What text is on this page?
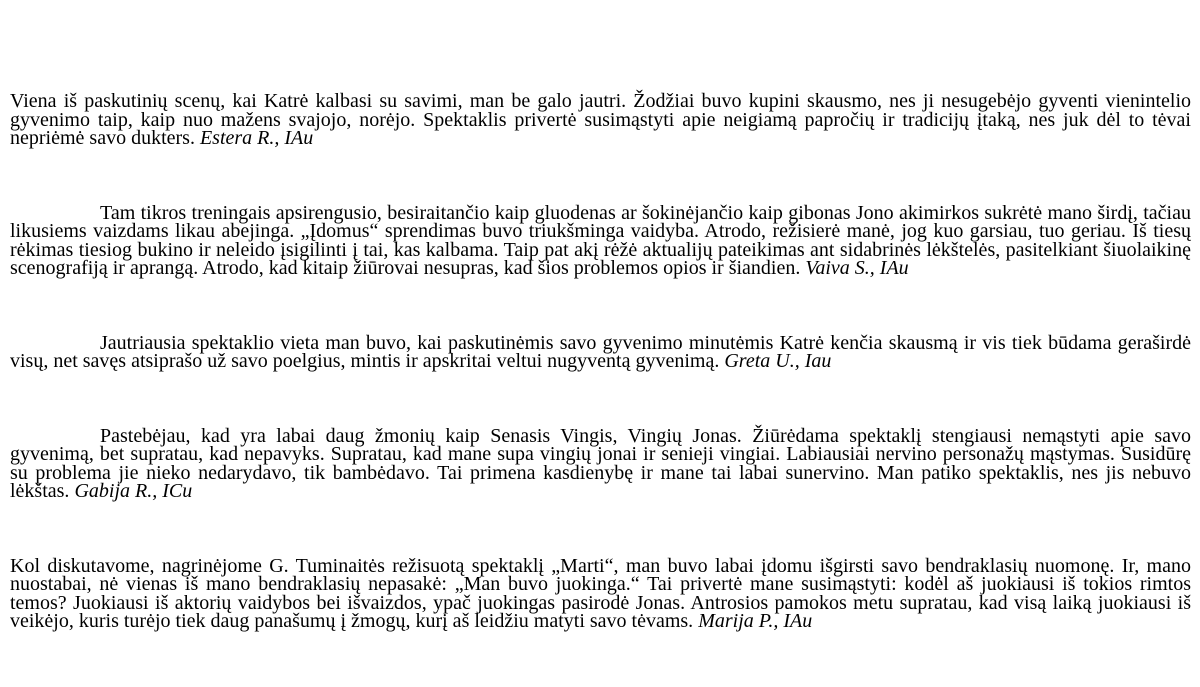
Viena iš paskutinių scenų, kai Katrė kalbasi su savimi, man be galo jautri. Žodžiai buvo kupini skausmo, nes ji nesugebėjo gyventi vienintelio gyvenimo taip, kaip nuo mažens svajojo, norėjo. Spektaklis privertė susimąstyti apie neigiamą papročių ir tradicijų įtaką, nes juk dėl to tėvai nepriėmė savo dukters. Estera R., IAu

Tam tikros treningais apsirengusio, besiraitančio kaip gluodenas ar šokinėjančio kaip gibonas Jono akimirkos sukrėtė mano širdį, tačiau likusiems vaizdams likau abejinga. „Įdomus“ sprendimas buvo triukšminga vaidyba. Atrodo, režisierė manė, jog kuo garsiau, tuo geriau. Iš tiesų rėkimas tiesiog bukino ir neleido įsigilinti į tai, kas kalbama. Taip pat akį rėžė aktualijų pateikimas ant sidabrinės lėkštelės, pasitelkiant šiuolaikinę scenografiją ir aprangą. Atrodo, kad kitaip žiūrovai nesupras, kad šios problemos opios ir šiandien. Vaiva S., IAu

Jautriausia spektaklio vieta man buvo, kai paskutinėmis savo gyvenimo minutėmis Katrė kenčia skausmą ir vis tiek būdama geraširdė visų, net savęs atsiprašo už savo poelgius, mintis ir apskritai veltui nugyventą gyvenimą. Greta U., Iau

Pastebėjau, kad yra labai daug žmonių kaip Senasis Vingis, Vingių Jonas. Žiūrėdama spektaklį stengiausi nemąstyti apie savo gyvenimą, bet supratau, kad nepavyks. Supratau, kad mane supa vingių jonai ir senieji vingiai. Labiausiai nervino personažų mąstymas. Susidūrę su problema jie nieko nedarydavo, tik bambėdavo. Tai primena kasdienybę ir mane tai labai sunervino. Man patiko spektaklis, nes jis nebuvo lėkštas. Gabija R., ICu

Kol diskutavome, nagrinėjome G. Tuminaitės režisuotą spektaklį „Marti“, man buvo labai įdomu išgirsti savo bendraklasių nuomonę. Ir, mano nuostabai, nė vienas iš mano bendraklasių nepasakė: „Man buvo juokinga.“ Tai privertė mane susimąstyti: kodėl aš juokiausi iš tokios rimtos temos? Juokiausi iš aktorių vaidybos bei išvaizdos, ypač juokingas pasirodė Jonas. Antrosios pamokos metu supratau, kad visą laiką juokiausi iš veikėjo, kuris turėjo tiek daug panašumų į žmogų, kurį aš leidžiu matyti savo tėvams. Marija P., IAu
